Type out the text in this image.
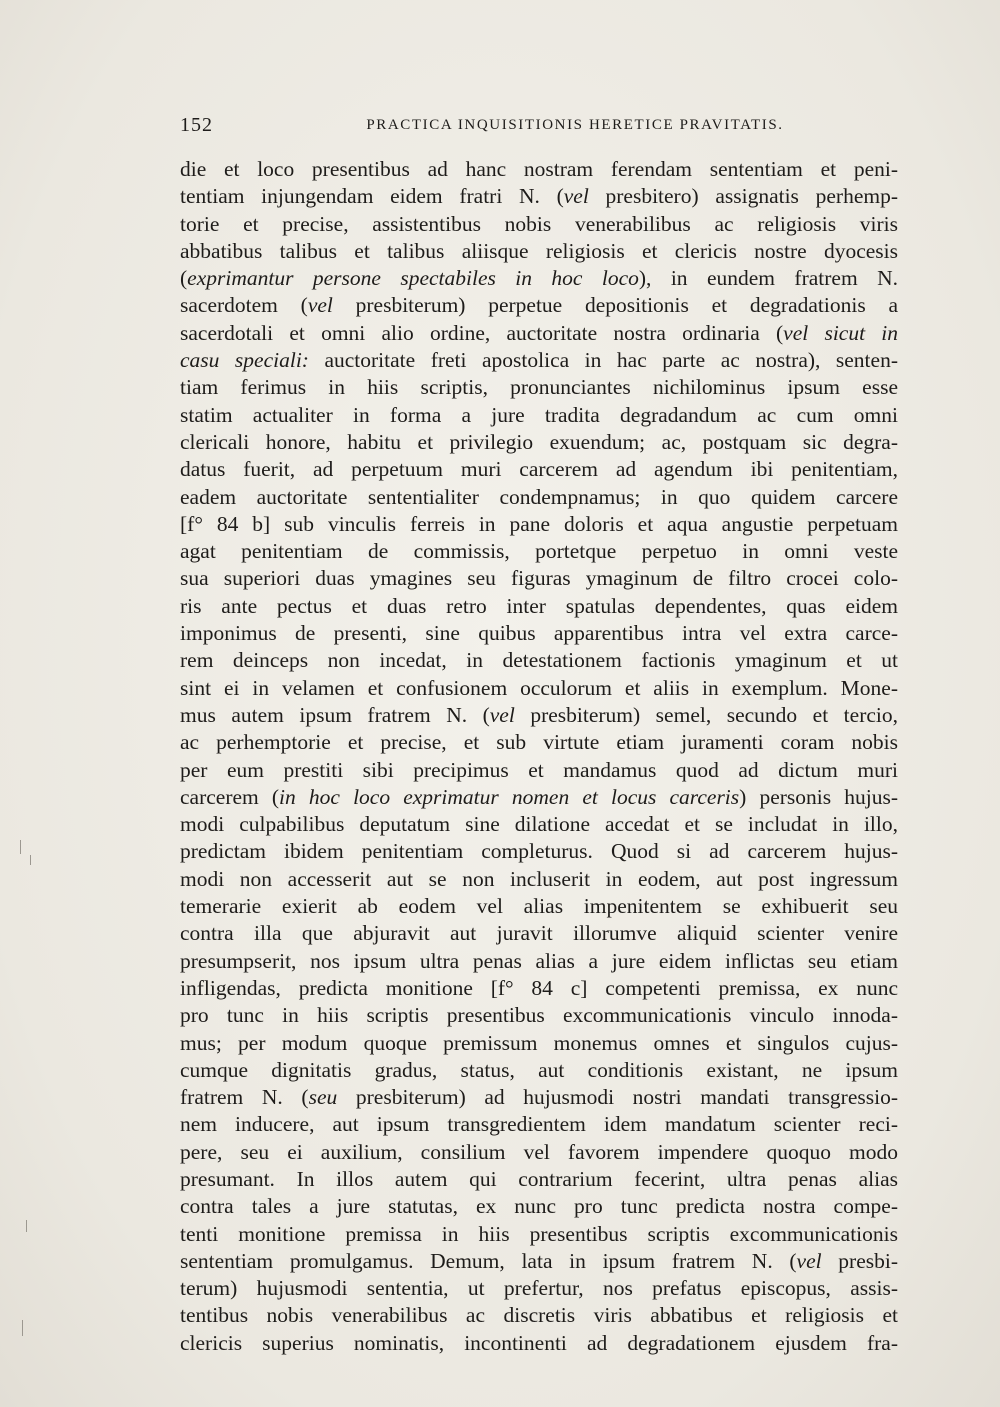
152	PRACTICA INQUISITIONIS HERETICE PRAVITATIS.
die et loco presentibus ad hanc nostram ferendam sententiam et peni-
tentiam injungendam eidem fratri N. (vel presbitero) assignatis perhemp-
torie et precise, assistentibus nobis venerabilibus ac religiosis viris
abbatibus talibus et talibus aliisque religiosis et clericis nostre dyocesis
(exprimantur persone spectabiles in hoc loco), in eundem fratrem N.
sacerdotem (vel presbiterum) perpetue depositionis et degradationis a
sacerdotali et omni alio ordine, auctoritate nostra ordinaria (vel sicut in
casu speciali: auctoritate freti apostolica in hac parte ac nostra), senten-
tiam ferimus in hiis scriptis, pronunciantes nichilominus ipsum esse
statim actualiter in forma a jure tradita degradandum ac cum omni
clericali honore, habitu et privilegio exuendum; ac, postquam sic degra-
datus fuerit, ad perpetuum muri carcerem ad agendum ibi penitentiam,
eadem auctoritate sententialiter condempnamus; in quo quidem carcere
[f° 84 b] sub vinculis ferreis in pane doloris et aqua angustie perpetuam
agat penitentiam de commissis, portetque perpetuo in omni veste
sua superiori duas ymagines seu figuras ymaginum de filtro crocei colo-
ris ante pectus et duas retro inter spatulas dependentes, quas eidem
imponimus de presenti, sine quibus apparentibus intra vel extra carce-
rem deinceps non incedat, in detestationem factionis ymaginum et ut
sint ei in velamen et confusionem occulorum et aliis in exemplum. Mone-
mus autem ipsum fratrem N. (vel presbiterum) semel, secundo et tercio,
ac perhemptorie et precise, et sub virtute etiam juramenti coram nobis
per eum prestiti sibi precipimus et mandamus quod ad dictum muri
carcerem (in hoc loco exprimatur nomen et locus carceris) personis hujus-
modi culpabilibus deputatum sine dilatione accedat et se includat in illo,
predictam ibidem penitentiam completurus. Quod si ad carcerem hujus-
modi non accesserit aut se non incluserit in eodem, aut post ingressum
temerarie exierit ab eodem vel alias impenitentem se exhibuerit seu
contra illa que abjuravit aut juravit illorumve aliquid scienter venire
presumpserit, nos ipsum ultra penas alias a jure eidem inflictas seu etiam
infligendas, predicta monitione [f° 84 c] competenti premissa, ex nunc
pro tunc in hiis scriptis presentibus excommunicationis vinculo innoda-
mus; per modum quoque premissum monemus omnes et singulos cujus-
cumque dignitatis gradus, status, aut conditionis existant, ne ipsum
fratrem N. (seu presbiterum) ad hujusmodi nostri mandati transgressio-
nem inducere, aut ipsum transgredientem idem mandatum scienter reci-
pere, seu ei auxilium, consilium vel favorem impendere quoquo modo
presumant. In illos autem qui contrarium fecerint, ultra penas alias
contra tales a jure statutas, ex nunc pro tunc predicta nostra compe-
tenti monitione premissa in hiis presentibus scriptis excommunicationis
sententiam promulgamus. Demum, lata in ipsum fratrem N. (vel presbi-
terum) hujusmodi sententia, ut prefertur, nos prefatus episcopus, assis-
tentibus nobis venerabilibus ac discretis viris abbatibus et religiosis et
clericis superius nominatis, incontinenti ad degradationem ejusdem fra-
